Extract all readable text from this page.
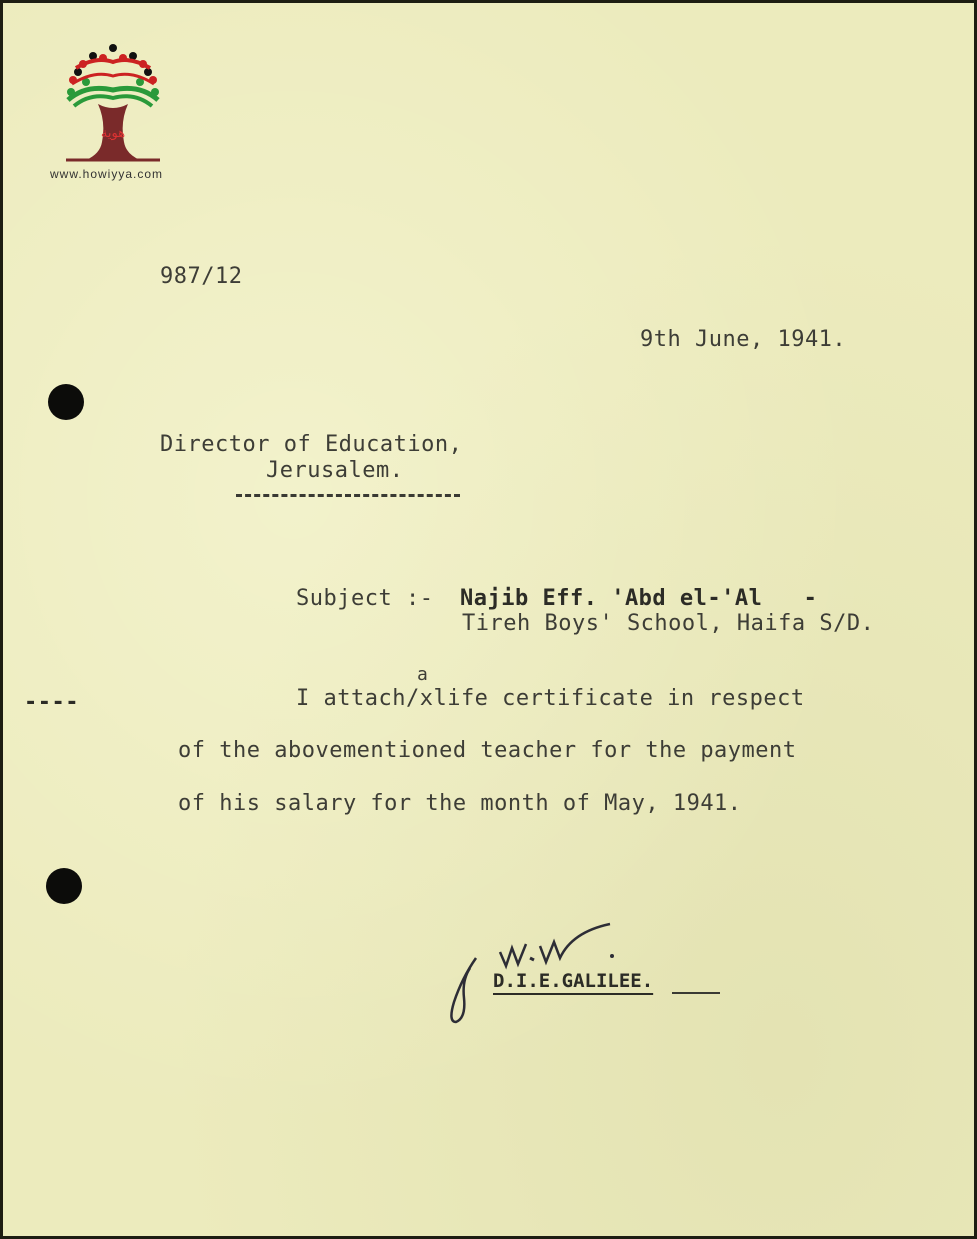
هوية
www.howiyya.com
----
987/12
9th June, 1941.
Director of Education,
Jerusalem.
Subject :- Najib Eff. 'Abd el-'Al   -
Tireh Boys' School, Haifa S/D.
a
I attach/xlife certificate in respect
of the abovementioned teacher for the payment
of his salary for the month of May, 1941.
D.I.E.GALILEE.
